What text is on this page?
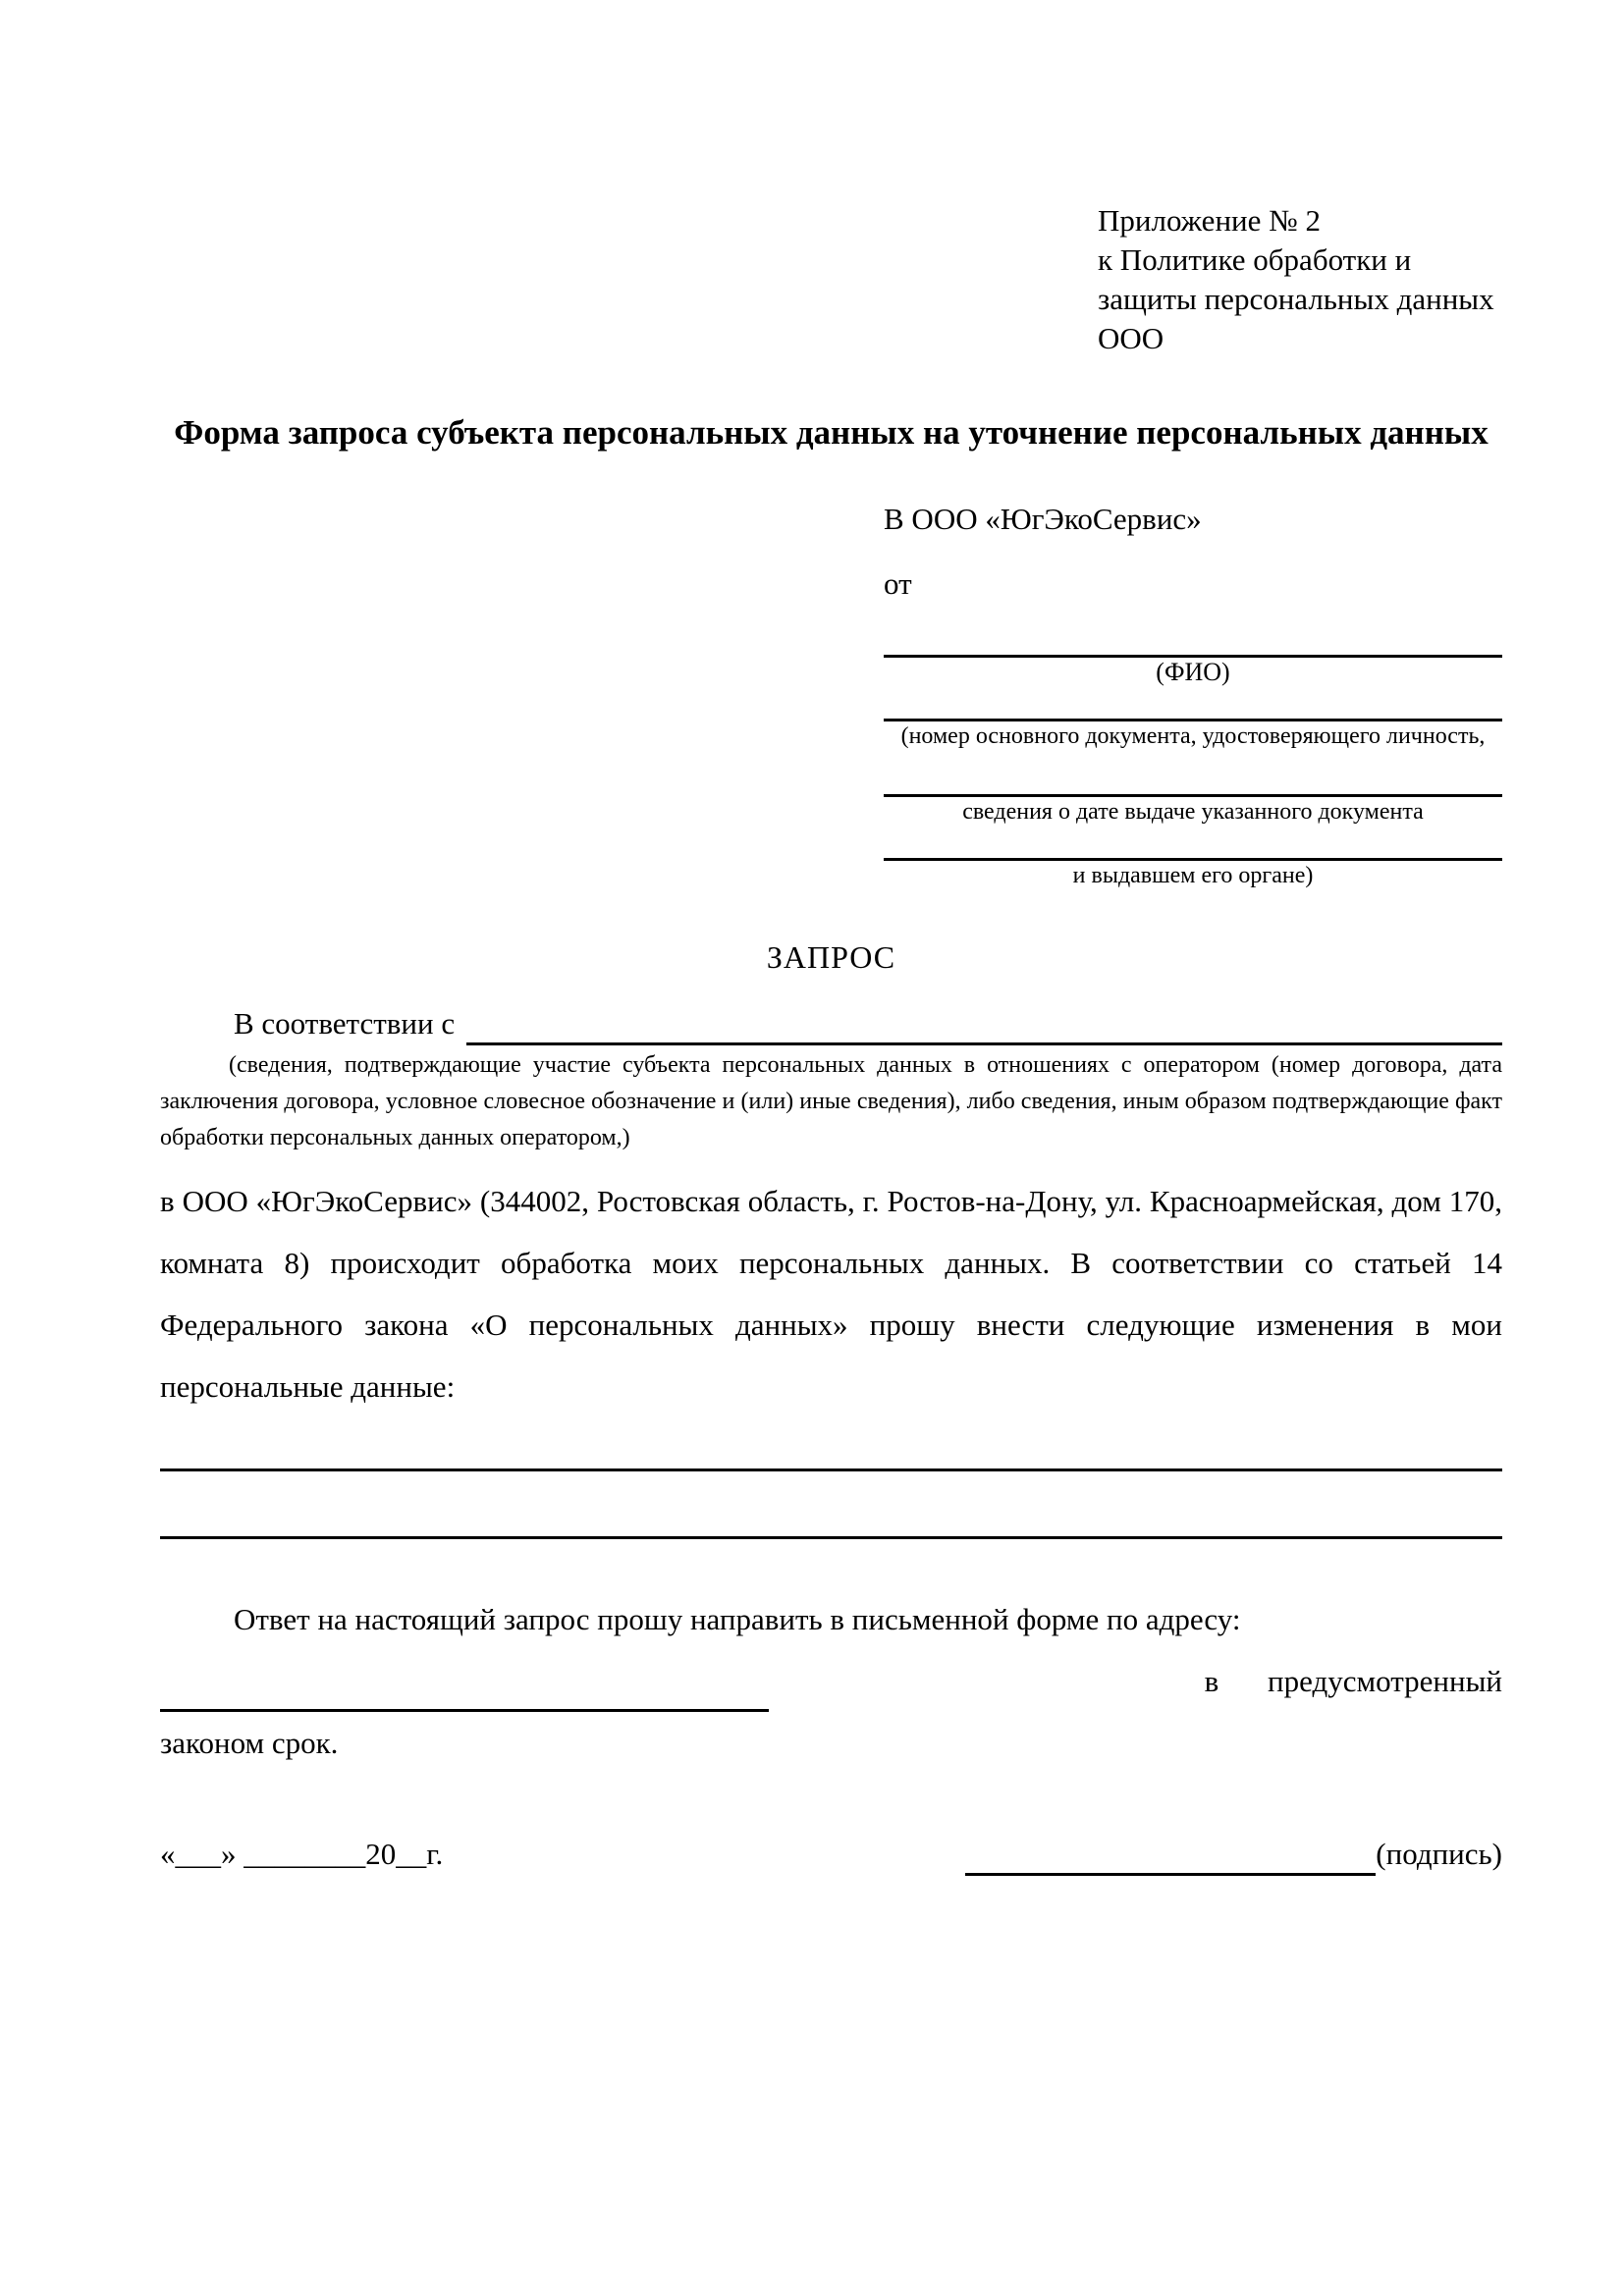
Приложение № 2
к Политике обработки и
защиты персональных данных
ООО
Форма запроса субъекта персональных данных на уточнение персональных данных
В ООО «ЮгЭкоСервис»
от
(ФИО)
(номер основного документа, удостоверяющего личность,
сведения о дате выдаче указанного документа
и выдавшем его органе)
ЗАПРОС
В соответствии с
(сведения, подтверждающие участие субъекта персональных данных в отношениях с оператором (номер договора, дата заключения договора, условное словесное обозначение и (или) иные сведения), либо сведения, иным образом подтверждающие факт обработки персональных данных оператором,)
в ООО «ЮгЭкоСервис» (344002, Ростовская область, г. Ростов-на-Дону, ул. Красноармейская, дом 170, комната 8) происходит обработка моих персональных данных. В соответствии со статьей 14 Федерального закона «О персональных данных» прошу внести следующие изменения в мои персональные данные:
Ответ на настоящий запрос прошу направить в письменной форме по адресу:
в предусмотренный
законом срок.
«___» ________20__г.	(подпись)
